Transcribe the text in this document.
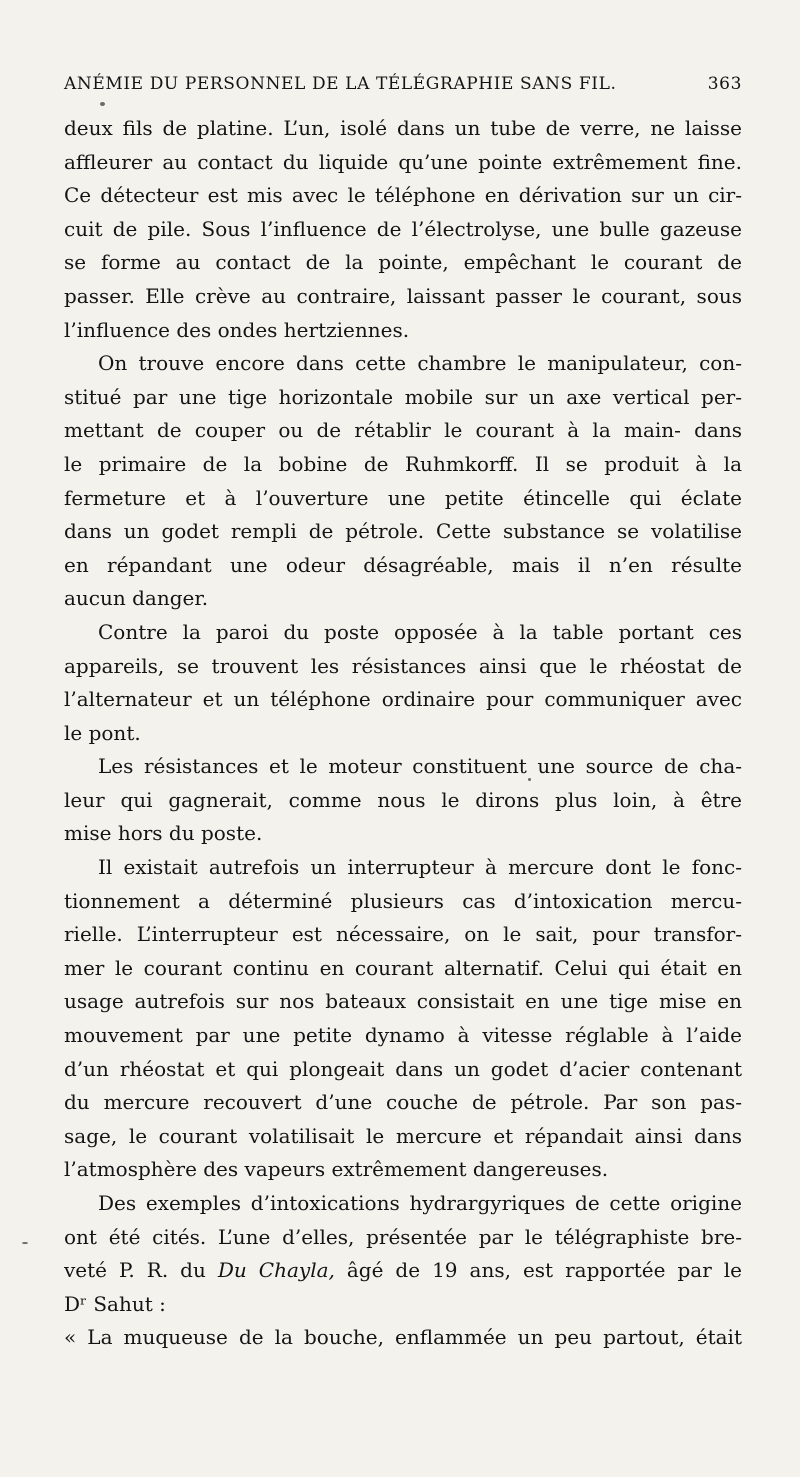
ANÉMIE DU PERSONNEL DE LA TÉLÉGRAPHIE SANS FIL.	363
deux fils de platine. L’un, isolé dans un tube de verre, ne laisse
affleurer au contact du liquide qu’une pointe extrêmement fine.
Ce détecteur est mis avec le téléphone en dérivation sur un cir-
cuit de pile. Sous l’influence de l’électrolyse, une bulle gazeuse
se forme au contact de la pointe, empêchant le courant de
passer. Elle crève au contraire, laissant passer le courant, sous
l’influence des ondes hertziennes.
On trouve encore dans cette chambre le manipulateur, con-
stitué par une tige horizontale mobile sur un axe vertical per-
mettant de couper ou de rétablir le courant à la main- dans
le primaire de la bobine de Ruhmkorff. Il se produit à la
fermeture et à l’ouverture une petite étincelle qui éclate
dans un godet rempli de pétrole. Cette substance se volatilise
en répandant une odeur désagréable, mais il n’en résulte
aucun danger.
Contre la paroi du poste opposée à la table portant ces
appareils, se trouvent les résistances ainsi que le rhéostat de
l’alternateur et un téléphone ordinaire pour communiquer avec
le pont.
Les résistances et le moteur constituent une source de cha-
leur qui gagnerait, comme nous le dirons plus loin, à être
mise hors du poste.
Il existait autrefois un interrupteur à mercure dont le fonc-
tionnement a déterminé plusieurs cas d’intoxication mercu-
rielle. L’interrupteur est nécessaire, on le sait, pour transfor-
mer le courant continu en courant alternatif. Celui qui était en
usage autrefois sur nos bateaux consistait en une tige mise en
mouvement par une petite dynamo à vitesse réglable à l’aide
d’un rhéostat et qui plongeait dans un godet d’acier contenant
du mercure recouvert d’une couche de pétrole. Par son pas-
sage, le courant volatilisait le mercure et répandait ainsi dans
l’atmosphère des vapeurs extrêmement dangereuses.
Des exemples d’intoxications hydrargyriques de cette origine
ont été cités. L’une d’elles, présentée par le télégraphiste bre-
veté P. R. du Du Chayla, âgé de 19 ans, est rapportée par le
Dʳ Sahut :
« La muqueuse de la bouche, enflammée un peu partout, était
